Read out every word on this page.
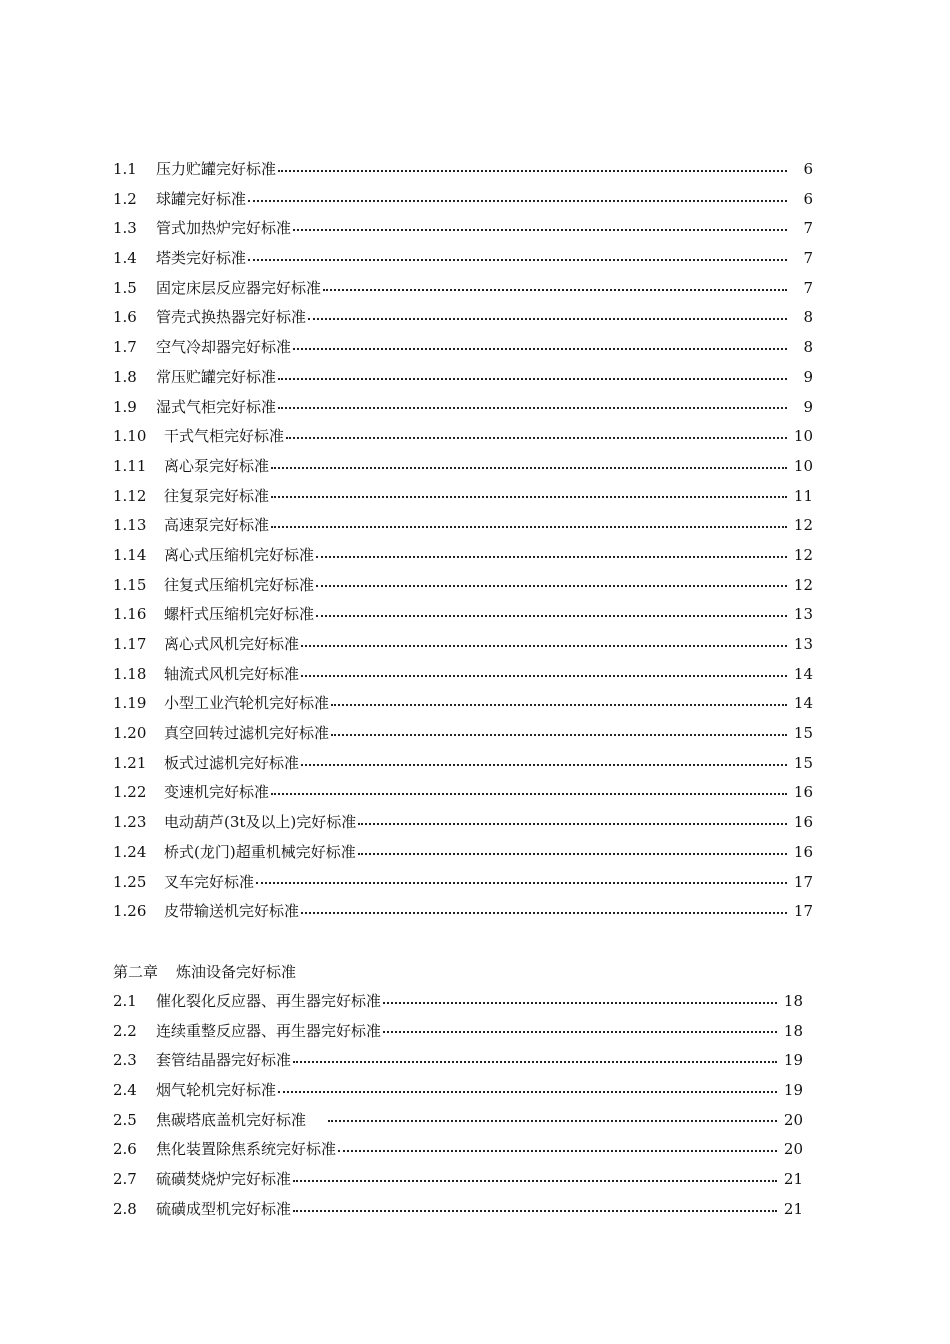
1.1	压力贮罐完好标准	6
1.2	球罐完好标准	6
1.3	管式加热炉完好标准	7
1.4	塔类完好标准	7
1.5	固定床层反应器完好标准	7
1.6	管壳式换热器完好标准	8
1.7	空气冷却器完好标准	8
1.8	常压贮罐完好标准	9
1.9	湿式气柜完好标准	9
1.10	干式气柜完好标准	10
1.11	离心泵完好标准	10
1.12	往复泵完好标准	11
1.13	高速泵完好标准	12
1.14	离心式压缩机完好标准	12
1.15	往复式压缩机完好标准	12
1.16	螺杆式压缩机完好标准	13
1.17	离心式风机完好标准	13
1.18	轴流式风机完好标准	14
1.19	小型工业汽轮机完好标准	14
1.20	真空回转过滤机完好标准	15
1.21	板式过滤机完好标准	15
1.22	变速机完好标准	16
1.23	电动葫芦(3t及以上)完好标准	16
1.24	桥式(龙门)超重机械完好标准	16
1.25	叉车完好标准	17
1.26	皮带输送机完好标准	17
第二章 炼油设备完好标准
2.1	催化裂化反应器、再生器完好标准	18
2.2	连续重整反应器、再生器完好标准	18
2.3	套管结晶器完好标准	19
2.4	烟气轮机完好标准	19
2.5	焦碳塔底盖机完好标准	20
2.6	焦化装置除焦系统完好标准	20
2.7	硫磺焚烧炉完好标准	21
2.8	硫磺成型机完好标准	21
